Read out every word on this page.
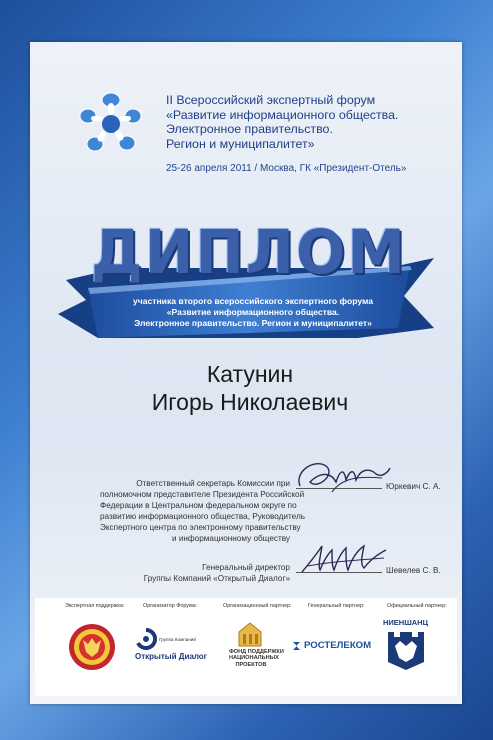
II Всероссийский экспертный форум
«Развитие информационного общества.
Электронное правительство.
Регион и муниципалитет»
25-26 апреля 2011 / Москва, ГК «Президент-Отель»
ДИПЛОМ
участника второго всероссийского экспертного форума
«Развитие информационного общества.
Электронное правительство. Регион и муниципалитет»
Катунин
Игорь Николаевич
Ответственный секретарь Комиссии при
полномочном представителе Президента Российской
Федерации в Центральном федеральном округе по
развитию информационного общества, Руководитель
Экспертного центра по электронному правительству
и информационному обществу
Юркевич С. А.
Генеральный директор
Группы Компаний «Открытый Диалог»
Шевелев С. В.
Экспертная поддержка:	Организатор Форума:	Организационный партнер:	Генеральный партнер:	Официальный партнер:
Группа Компаний
Открытый Диалог	ФОНД ПОДДЕРЖКИ
НАЦИОНАЛЬНЫХ
ПРОЕКТОВ
РОСТЕЛЕКОМ
НИЕНШАНЦ
